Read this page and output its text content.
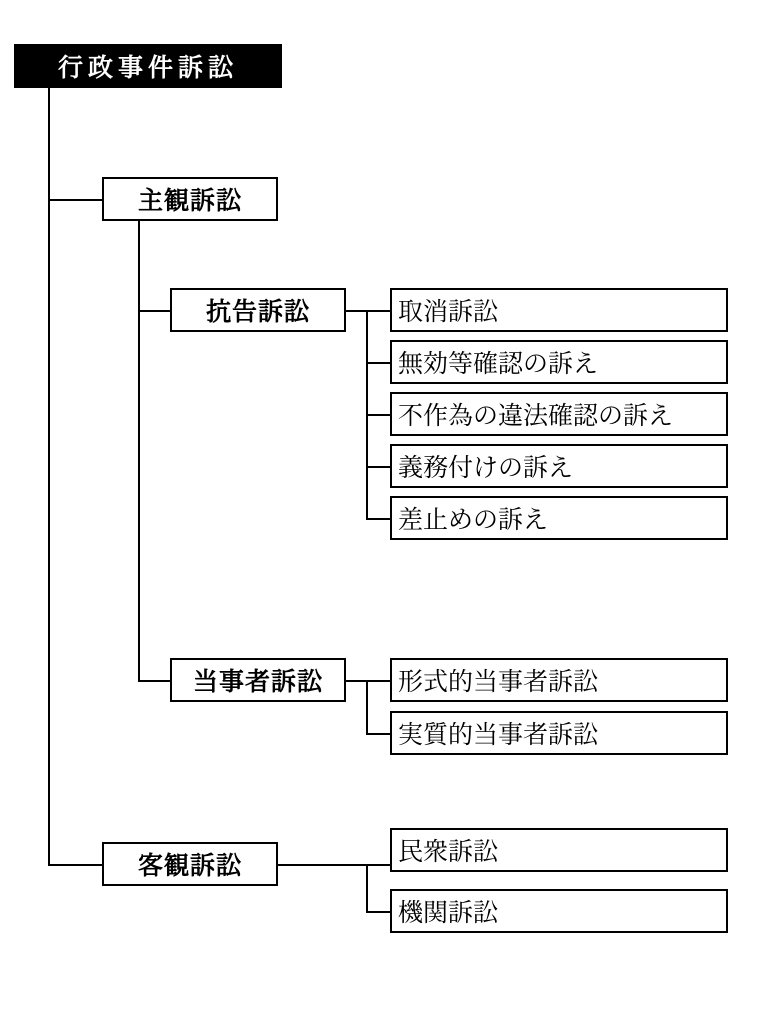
行政事件訴訟
主観訴訟
抗告訴訟	取消訴訟
無効等確認の訴え
不作為の違法確認の訴え
義務付けの訴え
差止めの訴え
当事者訴訟	形式的当事者訴訟
実質的当事者訴訟
客観訴訟	民衆訴訟
機関訴訟
